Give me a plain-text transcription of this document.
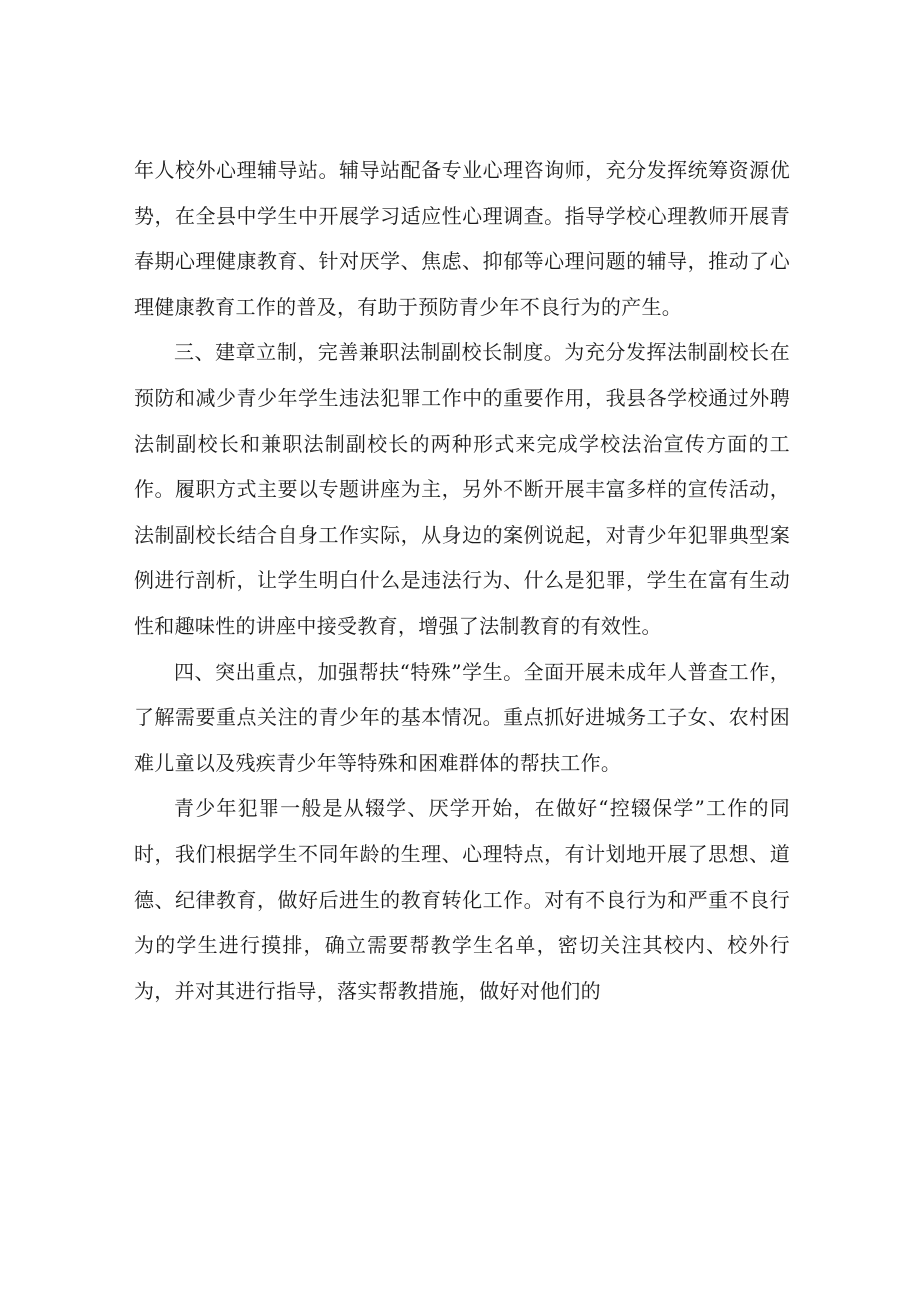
年人校外心理辅导站。辅导站配备专业心理咨询师，充分发挥统筹资源优势，在全县中学生中开展学习适应性心理调查。指导学校心理教师开展青春期心理健康教育、针对厌学、焦虑、抑郁等心理问题的辅导，推动了心理健康教育工作的普及，有助于预防青少年不良行为的产生。

三、建章立制，完善兼职法制副校长制度。为充分发挥法制副校长在预防和减少青少年学生违法犯罪工作中的重要作用，我县各学校通过外聘法制副校长和兼职法制副校长的两种形式来完成学校法治宣传方面的工作。履职方式主要以专题讲座为主，另外不断开展丰富多样的宣传活动，法制副校长结合自身工作实际，从身边的案例说起，对青少年犯罪典型案例进行剖析，让学生明白什么是违法行为、什么是犯罪，学生在富有生动性和趣味性的讲座中接受教育，增强了法制教育的有效性。

四、突出重点，加强帮扶“特殊”学生。全面开展未成年人普查工作，了解需要重点关注的青少年的基本情况。重点抓好进城务工子女、农村困难儿童以及残疾青少年等特殊和困难群体的帮扶工作。

青少年犯罪一般是从辍学、厌学开始，在做好“控辍保学”工作的同时，我们根据学生不同年龄的生理、心理特点，有计划地开展了思想、道德、纪律教育，做好后进生的教育转化工作。对有不良行为和严重不良行为的学生进行摸排，确立需要帮教学生名单，密切关注其校内、校外行为，并对其进行指导，落实帮教措施，做好对他们的
